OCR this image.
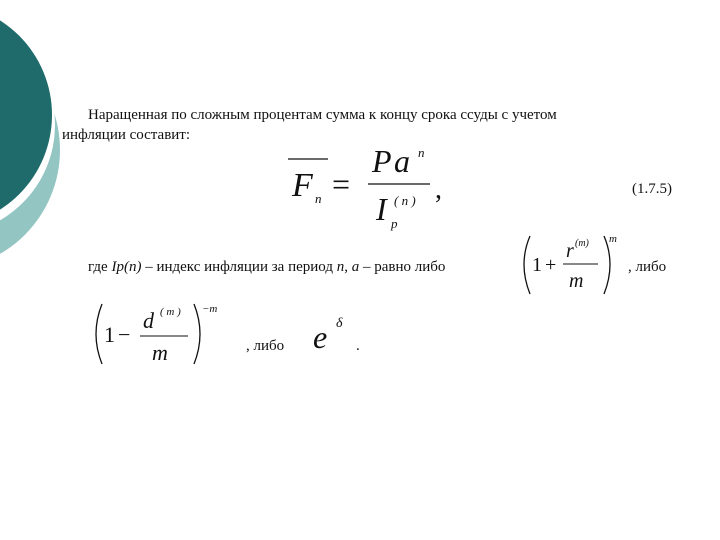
Наращенная по сложным процентам сумма к концу срока ссуды с учетом
инфляции составит:
F n =
P a n
I ( n )
p
,	(1.7.5)
где Ip(n) – индекс инфляции за период n, a – равно либо	1 +
r (m)
m
m
, либо
1 −
d ( m )
m
−m
, либо e δ
.
